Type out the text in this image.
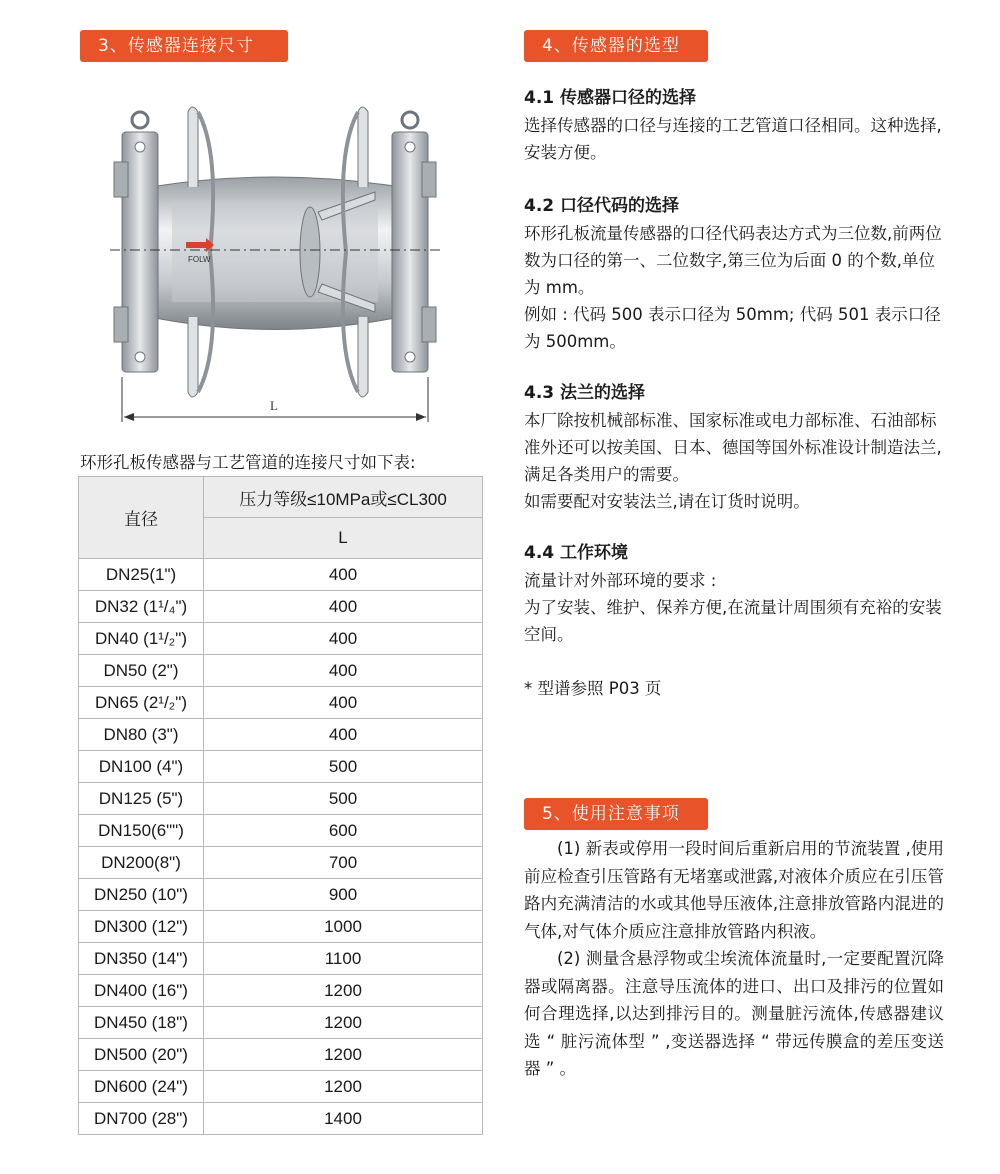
3、传感器连接尺寸	4、传感器的选型
5、使用注意事项
FOLW
L
环形孔板传感器与工艺管道的连接尺寸如下表:
直径	压力等级≤10MPa或≤CL300
	L
DN25(1")	400
DN32 (1¹/₄")	400
DN40 (1¹/₂")	400
DN50 (2")	400
DN65 (2¹/₂")	400
DN80 (3")	400
DN100 (4")	500
DN125 (5")	500
DN150(6"")	600
DN200(8")	700
DN250 (10")	900
DN300 (12")	1000
DN350 (14")	1100
DN400 (16")	1200
DN450 (18")	1200
DN500 (20")	1200
DN600 (24")	1200
DN700 (28")	1400
4.1 传感器口径的选择

选择传感器的口径与连接的工艺管道口径相同。这种选择,安装方便。

4.2 口径代码的选择

环形孔板流量传感器的口径代码表达方式为三位数,前两位数为口径的第一、二位数字,第三位为后面 0 的个数,单位为 mm。

例如 : 代码 500 表示口径为 50mm; 代码 501 表示口径为 500mm。

4.3 法兰的选择

本厂除按机械部标准、国家标准或电力部标准、石油部标准外还可以按美国、日本、德国等国外标准设计制造法兰,满足各类用户的需要。

如需要配对安装法兰,请在订货时说明。

4.4 工作环境

流量计对外部环境的要求 :

为了安装、维护、保养方便,在流量计周围须有充裕的安装空间。

* 型谱参照 P03 页

(1) 新表或停用一段时间后重新启用的节流装置 ,使用前应检查引压管路有无堵塞或泄露,对液体介质应在引压管路内充满清洁的水或其他导压液体,注意排放管路内混进的气体,对气体介质应注意排放管路内积液。

(2) 测量含悬浮物或尘埃流体流量时,一定要配置沉降器或隔离器。注意导压流体的进口、出口及排污的位置如何合理选择,以达到排污目的。测量脏污流体,传感器建议选 “ 脏污流体型 ” ,变送器选择 “ 带远传膜盒的差压变送器 ” 。
